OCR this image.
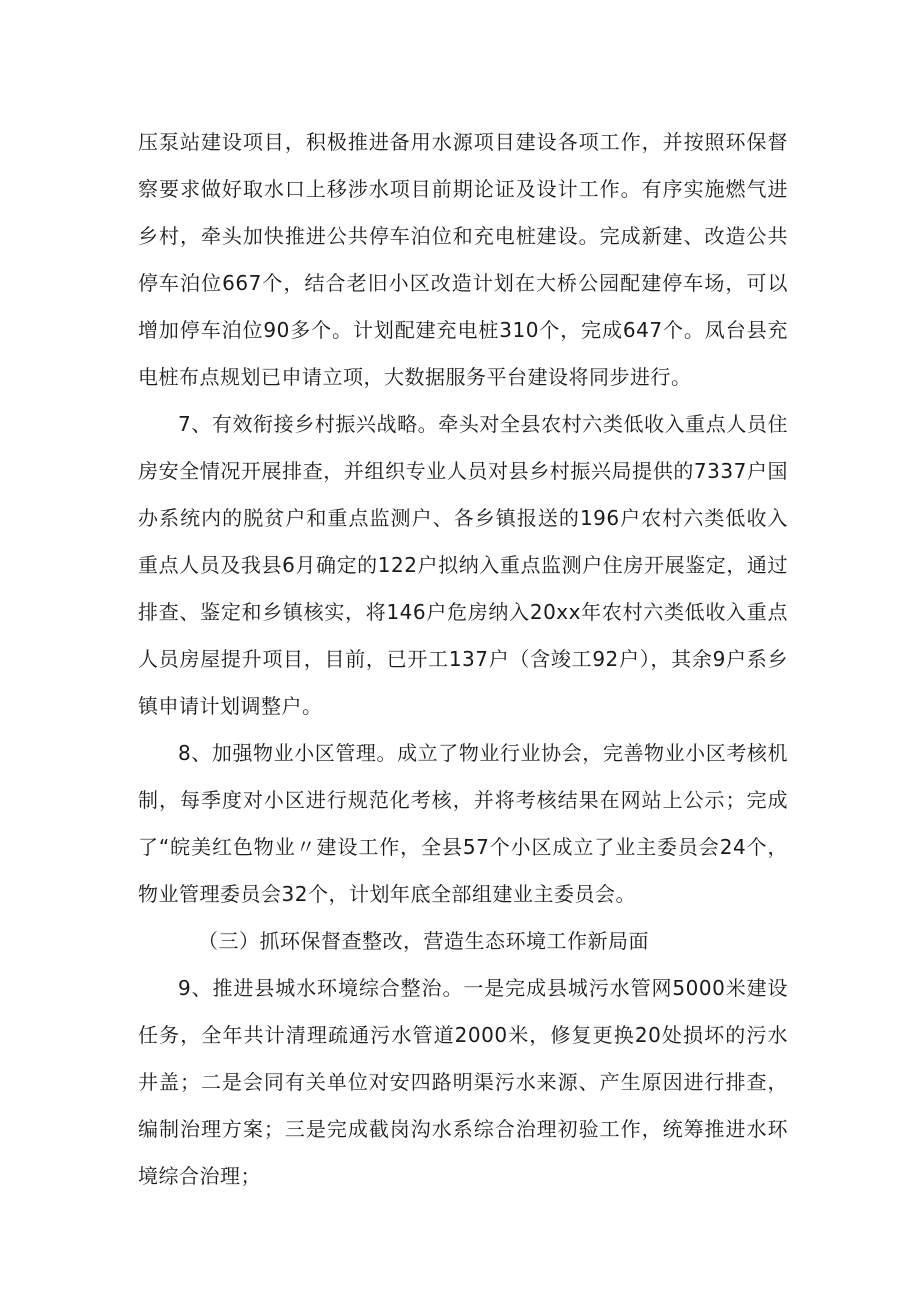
压泵站建设项目，积极推进备用水源项目建设各项工作，并按照环保督察要求做好取水口上移涉水项目前期论证及设计工作。有序实施燃气进乡村，牵头加快推进公共停车泊位和充电桩建设。完成新建、改造公共停车泊位667个，结合老旧小区改造计划在大桥公园配建停车场，可以增加停车泊位90多个。计划配建充电桩310个，完成647个。凤台县充电桩布点规划已申请立项，大数据服务平台建设将同步进行。

7、有效衔接乡村振兴战略。牵头对全县农村六类低收入重点人员住房安全情况开展排查，并组织专业人员对县乡村振兴局提供的7337户国办系统内的脱贫户和重点监测户、各乡镇报送的196户农村六类低收入重点人员及我县6月确定的122户拟纳入重点监测户住房开展鉴定，通过排查、鉴定和乡镇核实，将146户危房纳入20xx年农村六类低收入重点人员房屋提升项目，目前，已开工137户（含竣工92户），其余9户系乡镇申请计划调整户。

8、加强物业小区管理。成立了物业行业协会，完善物业小区考核机制，每季度对小区进行规范化考核，并将考核结果在网站上公示；完成了“皖美红色物业〃建设工作，全县57个小区成立了业主委员会24个，物业管理委员会32个，计划年底全部组建业主委员会。

（三）抓环保督查整改，营造生态环境工作新局面

9、推进县城水环境综合整治。一是完成县城污水管网5000米建设任务，全年共计清理疏通污水管道2000米，修复更换20处损坏的污水井盖；二是会同有关单位对安四路明渠污水来源、产生原因进行排查，编制治理方案；三是完成截岗沟水系综合治理初验工作，统筹推进水环境综合治理；
